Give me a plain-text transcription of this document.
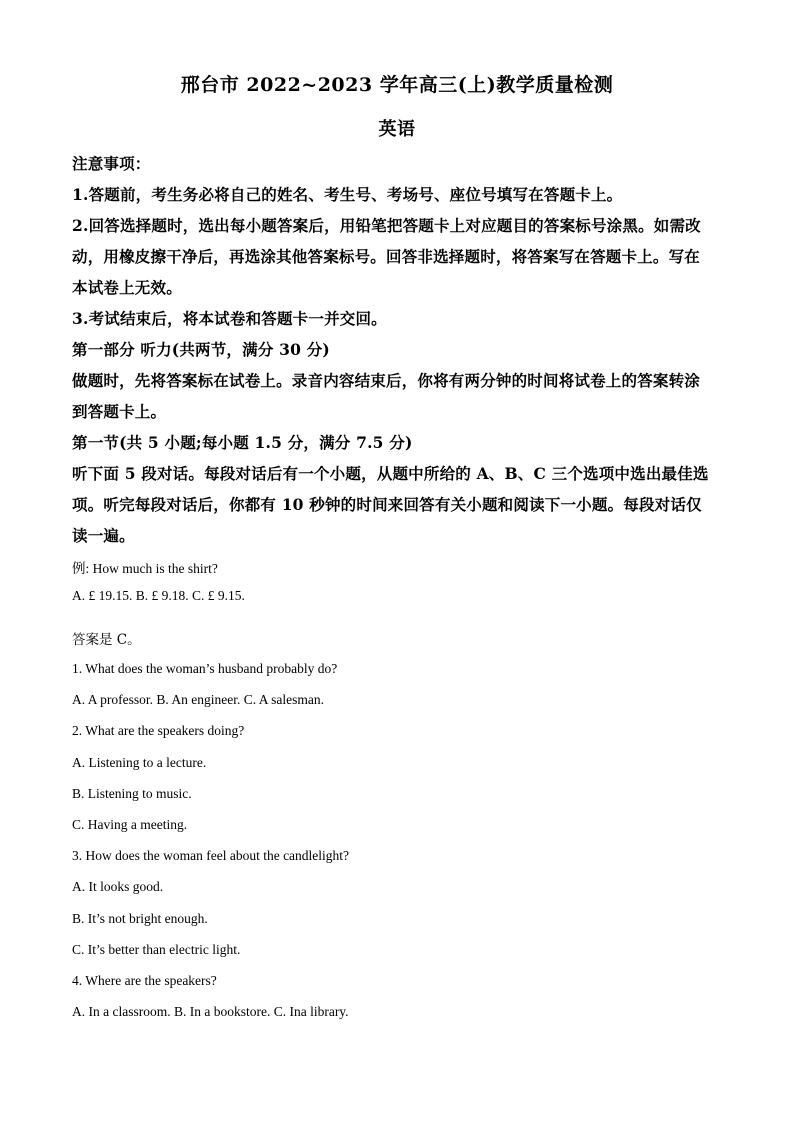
邢台市 2022~2023 学年高三(上)教学质量检测
英语
注意事项：
1.答题前，考生务必将自己的姓名、考生号、考场号、座位号填写在答题卡上。
2.回答选择题时，选出每小题答案后，用铅笔把答题卡上对应题目的答案标号涂黑。如需改
动，用橡皮擦干净后，再选涂其他答案标号。回答非选择题时，将答案写在答题卡上。写在
本试卷上无效。
3.考试结束后，将本试卷和答题卡一并交回。
第一部分 听力(共两节，满分 30 分)
做题时，先将答案标在试卷上。录音内容结束后，你将有两分钟的时间将试卷上的答案转涂
到答题卡上。
第一节(共 5 小题;每小题 1.5 分，满分 7.5 分)
听下面 5 段对话。每段对话后有一个小题，从题中所给的 A、B、C 三个选项中选出最佳选
项。听完每段对话后，你都有 10 秒钟的时间来回答有关小题和阅读下一小题。每段对话仅
读一遍。
例: How much is the shirt?
A. £ 19.15. B. £ 9.18. C. £ 9.15.
答案是 C。
1. What does the woman’s husband probably do?
A. A professor. B. An engineer. C. A salesman.
2. What are the speakers doing?
A. Listening to a lecture.
B. Listening to music.
C. Having a meeting.
3. How does the woman feel about the candlelight?
A. It looks good.
B. It’s not bright enough.
C. It’s better than electric light.
4. Where are the speakers?
A. In a classroom. B. In a bookstore. C. Ina library.
